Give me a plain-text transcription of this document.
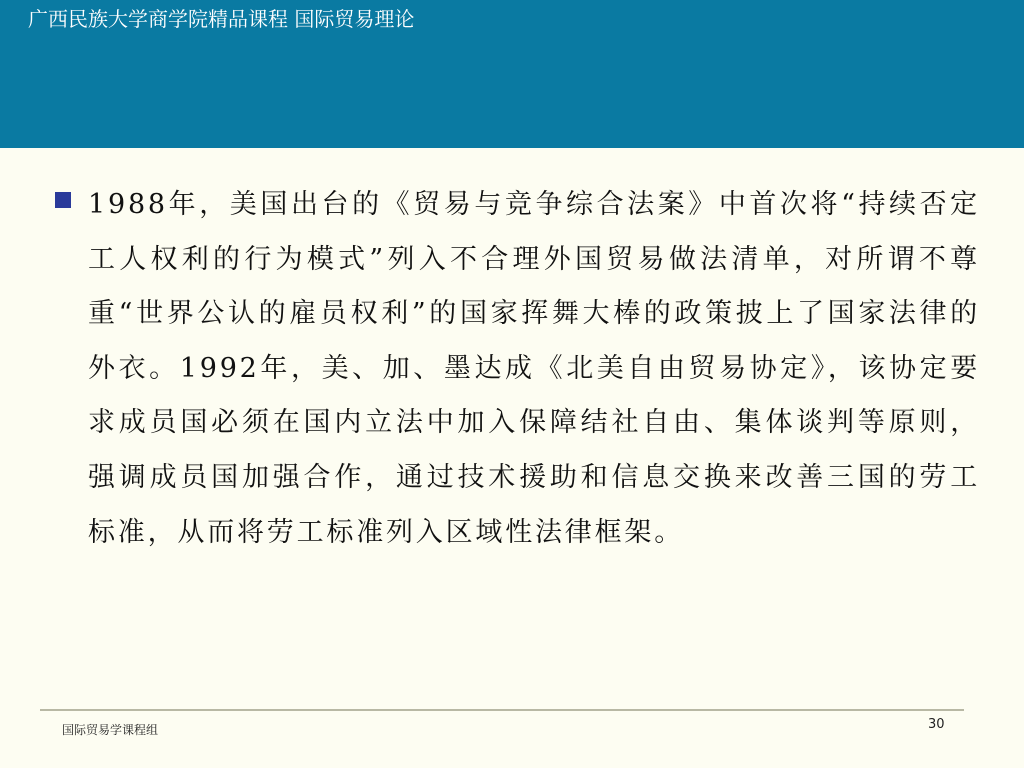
广西民族大学商学院精品课程 国际贸易理论
1988年，美国出台的《贸易与竞争综合法案》中首次将“持续否定工人权利的行为模式”列入不合理外国贸易做法清单，对所谓不尊重“世界公认的雇员权利”的国家挥舞大棒的政策披上了国家法律的外衣。1992年，美、加、墨达成《北美自由贸易协定》，该协定要求成员国必须在国内立法中加入保障结社自由、集体谈判等原则，强调成员国加强合作，通过技术援助和信息交换来改善三国的劳工标准，从而将劳工标准列入区域性法律框架。
国际贸易学课程组	30
